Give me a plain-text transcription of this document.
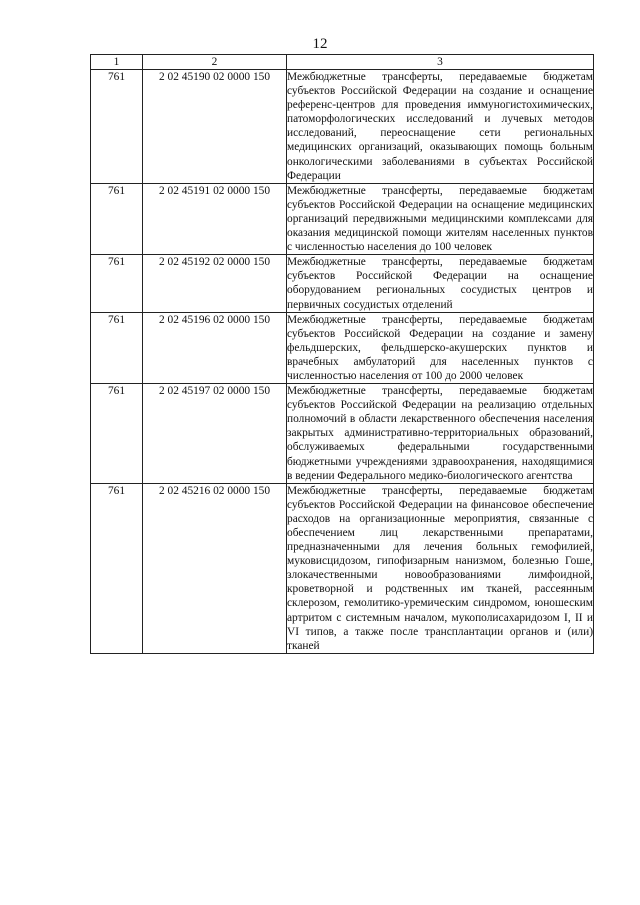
12
1	2	3
761	2 02 45190 02 0000 150	Межбюджетные трансферты, передаваемые бюджетам субъектов Российской Федерации на создание и оснащение референс-центров для проведения иммуногистохимических, патоморфологических исследований и лучевых методов исследований, переоснащение сети региональных медицинских организаций, оказывающих помощь больным онкологическими заболеваниями в субъектах Российской Федерации
761	2 02 45191 02 0000 150	Межбюджетные трансферты, передаваемые бюджетам субъектов Российской Федерации на оснащение медицинских организаций передвижными медицинскими комплексами для оказания медицинской помощи жителям населенных пунктов с численностью населения до 100 человек
761	2 02 45192 02 0000 150	Межбюджетные трансферты, передаваемые бюджетам субъектов Российской Федерации на оснащение оборудованием региональных сосудистых центров и первичных сосудистых отделений
761	2 02 45196 02 0000 150	Межбюджетные трансферты, передаваемые бюджетам субъектов Российской Федерации на создание и замену фельдшерских, фельдшерско-акушерских пунктов и врачебных амбулаторий для населенных пунктов с численностью населения от 100 до 2000 человек
761	2 02 45197 02 0000 150	Межбюджетные трансферты, передаваемые бюджетам субъектов Российской Федерации на реализацию отдельных полномочий в области лекарственного обеспечения населения закрытых административно-территориальных образований, обслуживаемых федеральными государственными бюджетными учреждениями здравоохранения, находящимися в ведении Федерального медико-биологического агентства
761	2 02 45216 02 0000 150	Межбюджетные трансферты, передаваемые бюджетам субъектов Российской Федерации на финансовое обеспечение расходов на организационные мероприятия, связанные с обеспечением лиц лекарственными препаратами, предназначенными для лечения больных гемофилией, муковисцидозом, гипофизарным нанизмом, болезнью Гоше, злокачественными новообразованиями лимфоидной, кроветворной и родственных им тканей, рассеянным склерозом, гемолитико-уремическим синдромом, юношеским артритом с системным началом, мукополисахаридозом I, II и VI типов, а также после трансплантации органов и (или) тканей
